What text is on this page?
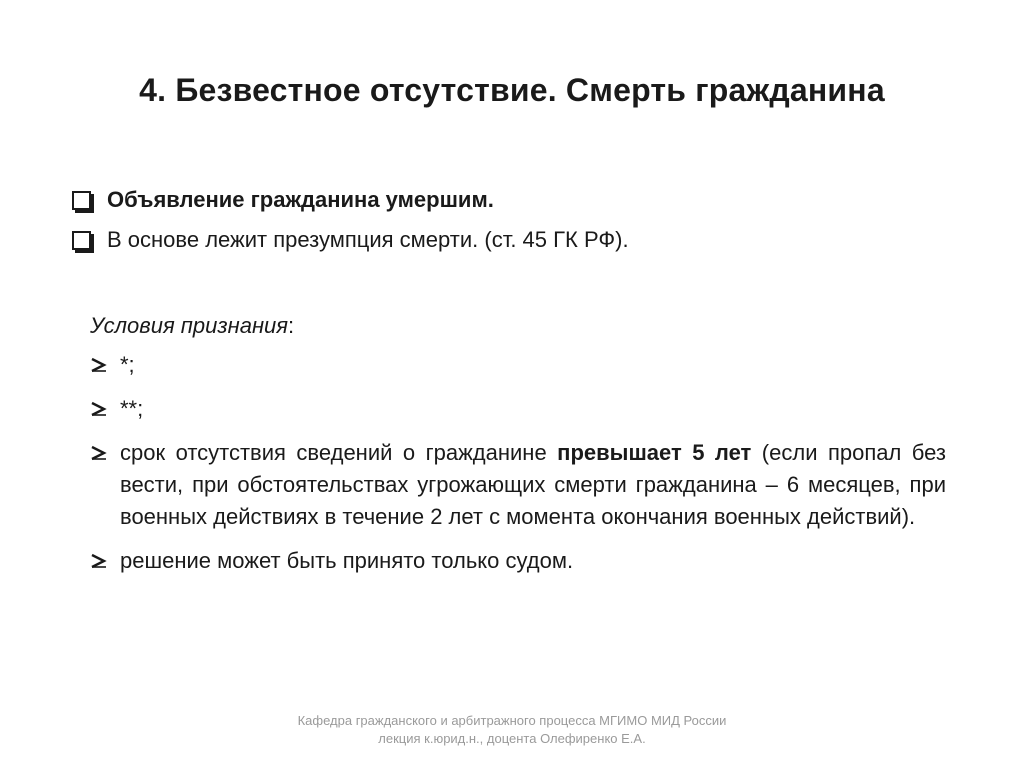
4. Безвестное отсутствие. Смерть гражданина
Объявление гражданина умершим.
В основе лежит презумпция смерти. (ст. 45 ГК РФ).
Условия признания:
*;
**;
срок отсутствия сведений о гражданине превышает 5 лет (если пропал без вести, при обстоятельствах угрожающих смерти гражданина – 6 месяцев, при военных действиях в течение 2 лет с момента окончания военных действий).
решение может быть принято только судом.
Кафедра гражданского и арбитражного процесса МГИМО МИД России
лекция к.юрид.н., доцента Олефиренко Е.А.
